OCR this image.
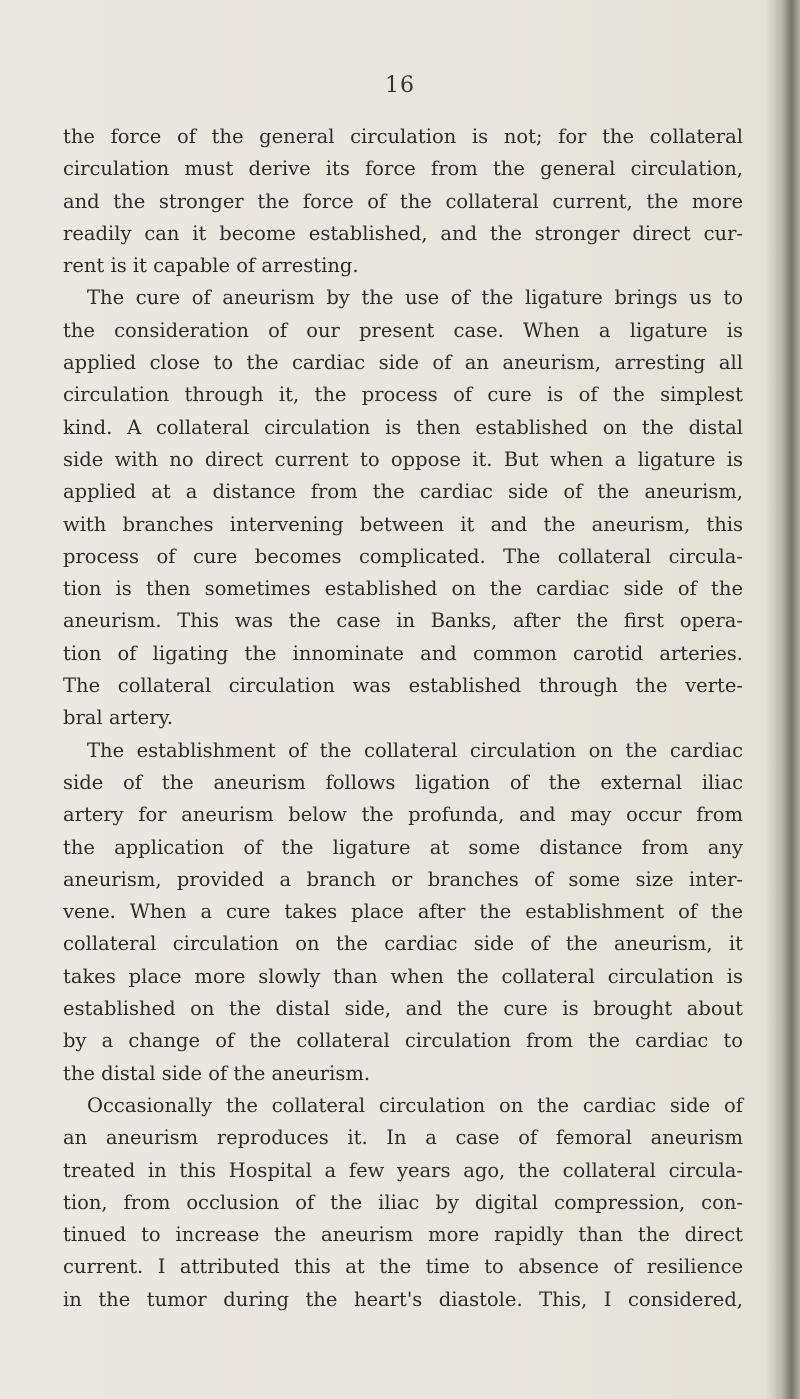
16

the force of the general circulation is not; for the collateral
circulation must derive its force from the general circulation,
and the stronger the force of the collateral current, the more
readily can it become established, and the stronger direct cur-
rent is it capable of arresting.

The cure of aneurism by the use of the ligature brings us to
the consideration of our present case. When a ligature is
applied close to the cardiac side of an aneurism, arresting all
circulation through it, the process of cure is of the simplest
kind. A collateral circulation is then established on the distal
side with no direct current to oppose it. But when a ligature is
applied at a distance from the cardiac side of the aneurism,
with branches intervening between it and the aneurism, this
process of cure becomes complicated. The collateral circula-
tion is then sometimes established on the cardiac side of the
aneurism. This was the case in Banks, after the first opera-
tion of ligating the innominate and common carotid arteries.
The collateral circulation was established through the verte-
bral artery.

The establishment of the collateral circulation on the cardiac
side of the aneurism follows ligation of the external iliac
artery for aneurism below the profunda, and may occur from
the application of the ligature at some distance from any
aneurism, provided a branch or branches of some size inter-
vene. When a cure takes place after the establishment of the
collateral circulation on the cardiac side of the aneurism, it
takes place more slowly than when the collateral circulation is
established on the distal side, and the cure is brought about
by a change of the collateral circulation from the cardiac to
the distal side of the aneurism.

Occasionally the collateral circulation on the cardiac side of
an aneurism reproduces it. In a case of femoral aneurism
treated in this Hospital a few years ago, the collateral circula-
tion, from occlusion of the iliac by digital compression, con-
tinued to increase the aneurism more rapidly than the direct
current. I attributed this at the time to absence of resilience
in the tumor during the heart's diastole. This, I considered,
